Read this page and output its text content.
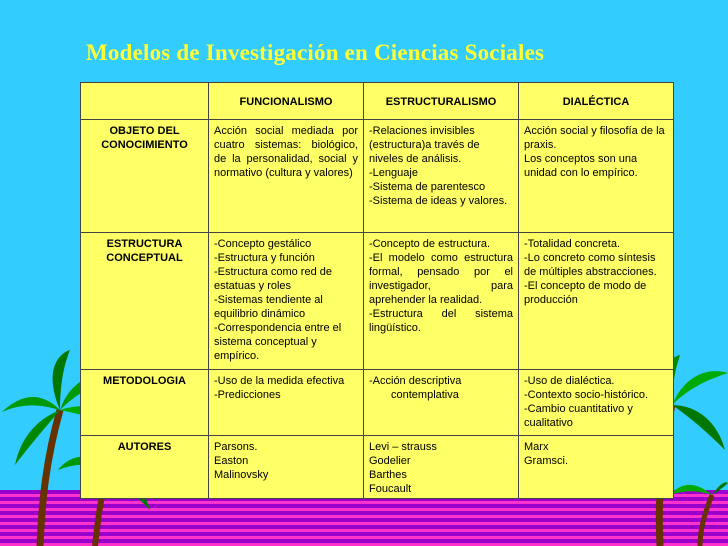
Modelos de Investigación en Ciencias Sociales
	FUNCIONALISMO	ESTRUCTURALISMO	DIALÉCTICA

OBJETO DEL
CONOCIMIENTO	Acción social mediada por cuatro sistemas: biológico, de la personalidad, social y normativo (cultura y valores)	-Relaciones invisibles (estructura)a través de niveles de análisis.
-Lenguaje
-Sistema de parentesco
-Sistema de ideas y valores.	Acción social y filosofía de la praxis.
Los conceptos son una unidad con lo empírico.

ESTRUCTURA
CONCEPTUAL	-Concepto gestálico
-Estructura y función
-Estructura como red de estatuas y roles
-Sistemas tendiente al equilibrio dinámico
-Correspondencia entre el sistema conceptual y empírico.	-Concepto de estructura.
-El modelo como estructura formal, pensado por el investigador, para aprehender la realidad.
-Estructura del sistema lingüístico.	-Totalidad concreta.
-Lo concreto como síntesis de múltiples abstracciones.
-El concepto de modo de producción

METODOLOGIA	-Uso de la medida efectiva
-Predicciones	-Acción descriptiva
contemplativa	-Uso de dialéctica.
-Contexto socio-histórico.
-Cambio cuantitativo y cualitativo

AUTORES	Parsons.
Easton
Malinovsky	Levi – strauss
Godelier
Barthes
Foucault	Marx
Gramsci.
